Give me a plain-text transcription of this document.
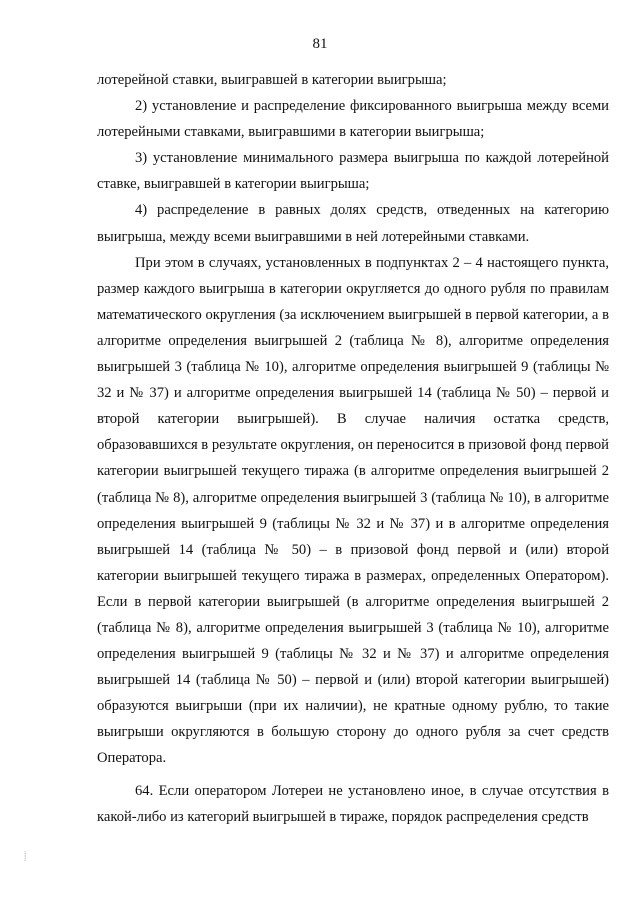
81

лотерейной ставки, выигравшей в категории выигрыша;

2) установление и распределение фиксированного выигрыша между всеми лотерейными ставками, выигравшими в категории выигрыша;

3) установление минимального размера выигрыша по каждой лотерейной ставке, выигравшей в категории выигрыша;

4) распределение в равных долях средств, отведенных на категорию выигрыша, между всеми выигравшими в ней лотерейными ставками.

При этом в случаях, установленных в подпунктах 2 – 4 настоящего пункта, размер каждого выигрыша в категории округляется до одного рубля по правилам математического округления (за исключением выигрышей в первой категории, а в алгоритме определения выигрышей 2 (таблица № 8), алгоритме определения выигрышей 3 (таблица № 10), алгоритме определения выигрышей 9 (таблицы № 32 и № 37) и алгоритме определения выигрышей 14 (таблица № 50) – первой и второй категории выигрышей). В случае наличия остатка средств, образовавшихся в результате округления, он переносится в призовой фонд первой категории выигрышей текущего тиража (в алгоритме определения выигрышей 2 (таблица № 8), алгоритме определения выигрышей 3 (таблица № 10), в алгоритме определения выигрышей 9 (таблицы № 32 и № 37) и в алгоритме определения выигрышей 14 (таблица № 50) – в призовой фонд первой и (или) второй категории выигрышей текущего тиража в размерах, определенных Оператором). Если в первой категории выигрышей (в алгоритме определения выигрышей 2 (таблица № 8), алгоритме определения выигрышей 3 (таблица № 10), алгоритме определения выигрышей 9 (таблицы № 32 и № 37) и алгоритме определения выигрышей 14 (таблица № 50) – первой и (или) второй категории выигрышей) образуются выигрыши (при их наличии), не кратные одному рублю, то такие выигрыши округляются в большую сторону до одного рубля за счет средств Оператора.

64. Если оператором Лотереи не установлено иное, в случае отсутствия в какой-либо из категорий выигрышей в тираже, порядок распределения средств

⸽
